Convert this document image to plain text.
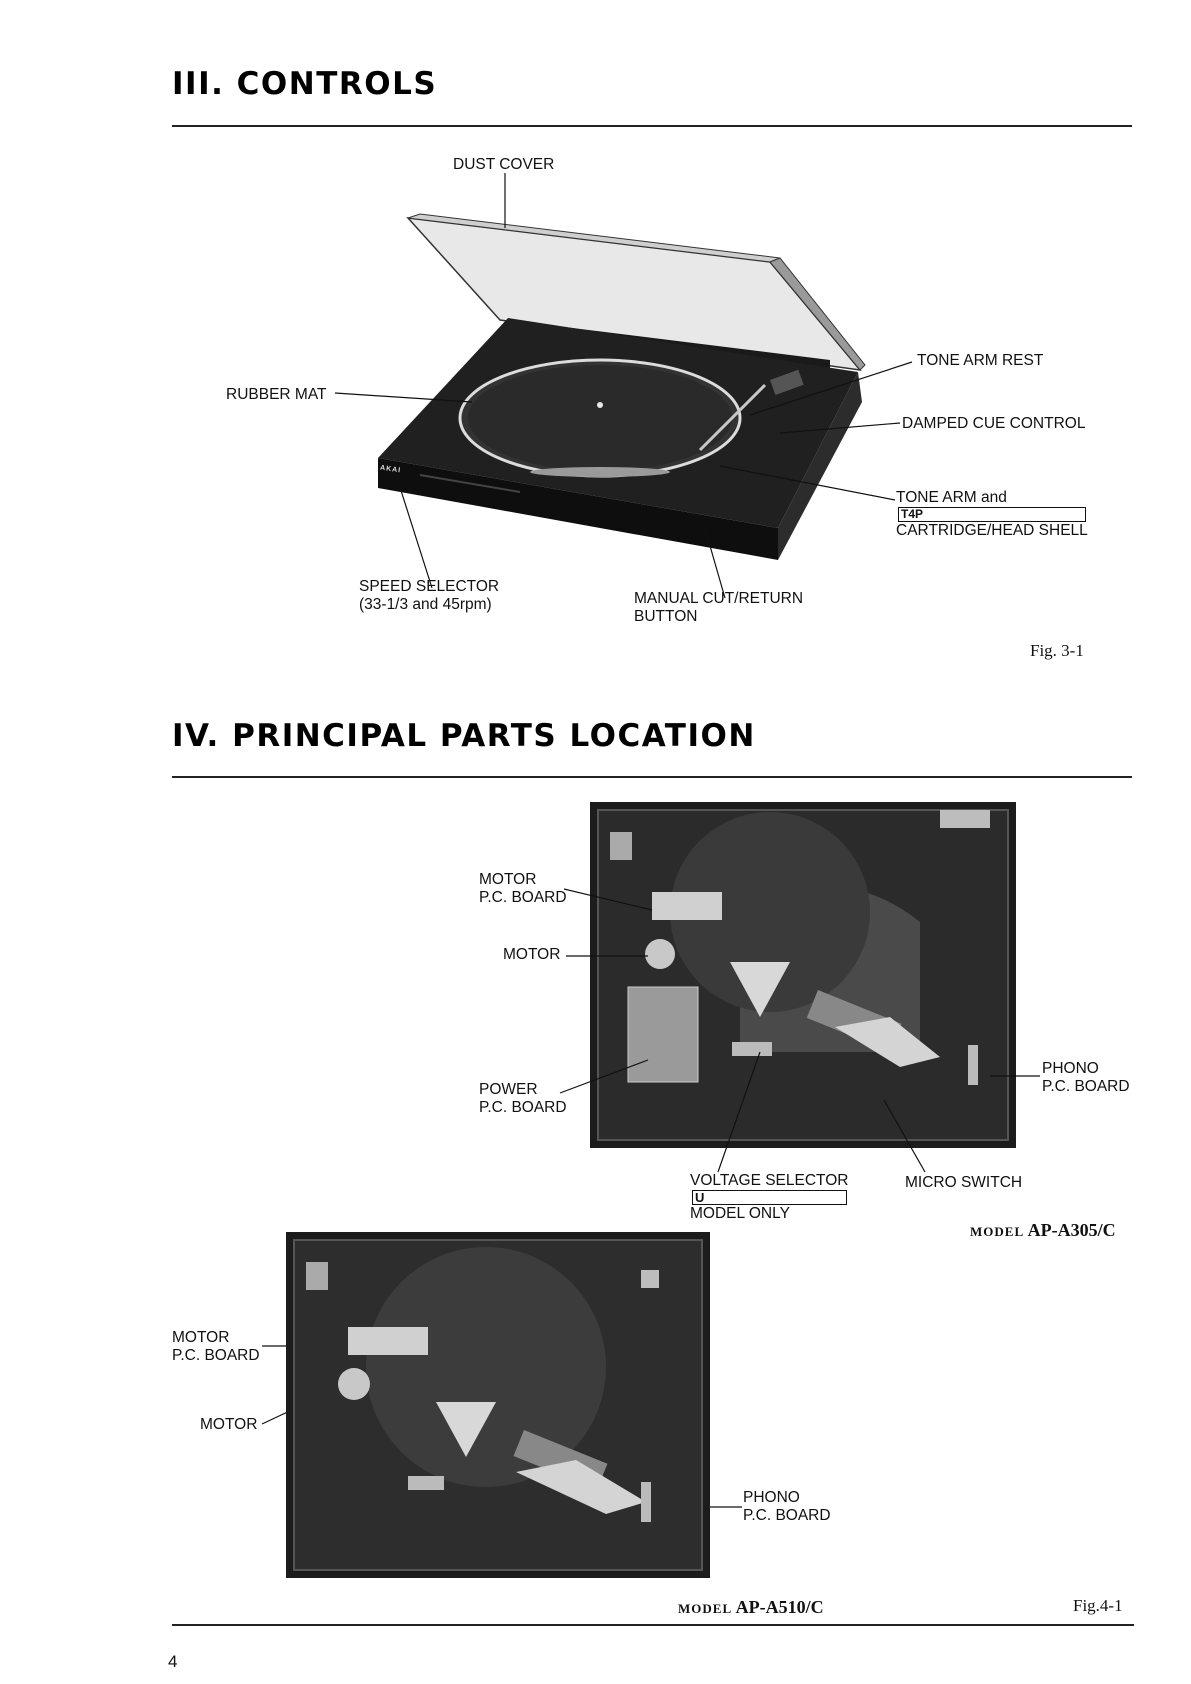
III. CONTROLS
AKAI
DUST COVER
TONE ARM REST
RUBBER MAT
DAMPED CUE CONTROL
TONE ARM and
T4P
CARTRIDGE/HEAD SHELL
SPEED SELECTOR
(33-1/3 and 45rpm)	MANUAL CUT/RETURN
BUTTON
Fig. 3-1
IV. PRINCIPAL PARTS LOCATION
MOTOR
P.C. BOARD
MOTOR
POWER
P.C. BOARD
PHONO
P.C. BOARD
VOLTAGE SELECTOR
U
MODEL ONLY
MICRO SWITCH
MODEL AP-A305/C
MOTOR
P.C. BOARD
MOTOR
PHONO
P.C. BOARD
MODEL AP-A510/C	Fig.4-1
4
